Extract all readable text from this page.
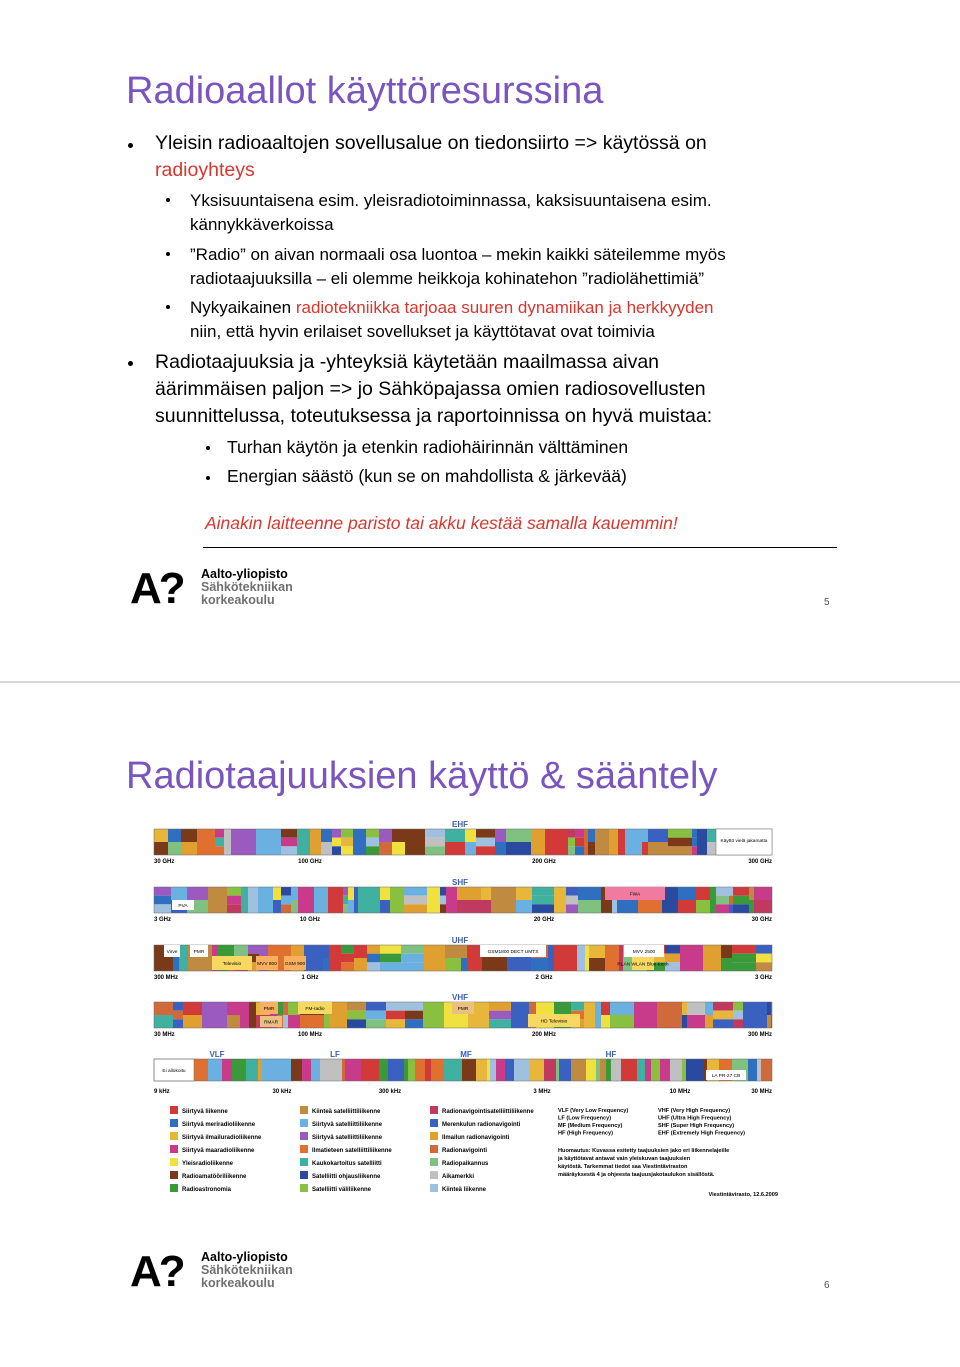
Radioaallot käyttöresurssina
Yleisin radioaaltojen sovellusalue on tiedonsiirto => käytössä on
radioyhteys
Yksisuuntaisena esim. yleisradiotoiminnassa, kaksisuuntaisena esim.
kännykkäverkoissa
”Radio” on aivan normaali osa luontoa – mekin kaikki säteilemme myös
radiotaajuuksilla – eli olemme heikkoja kohinatehon ”radiolähettimiä”
Nykyaikainen radiotekniikka tarjoaa suuren dynamiikan ja herkkyyden
niin, että hyvin erilaiset sovellukset ja käyttötavat ovat toimivia
Radiotaajuuksia ja -yhteyksiä käytetään maailmassa aivan
äärimmäisen paljon => jo Sähköpajassa omien radiosovellusten
suunnittelussa, toteutuksessa ja raportoinnissa on hyvä muistaa:
Turhan käytön ja etenkin radiohäirinnän välttäminen
Energian säästö (kun se on mahdollista & järkevää)
Ainakin laitteenne paristo tai akku kestää samalla kauemmin!
A? Aalto-yliopisto
Sähkötekniikan
korkeakoulu	5
Radiotaajuuksien käyttö & sääntely
EHF
30 GHz	100 GHz	200 GHz	300 GHz
SHF
3 GHz	10 GHz	20 GHz	30 GHz
UHF
300 MHz	1 GHz	2 GHz	3 GHz
VHF
30 MHz	100 MHz	200 MHz	300 MHz
Käyttö vielä jakamatta
FWA
PVA
Virve	PMR
Televisio	MVV 800 GSM 900
GSM1800 DECT UMTS	MVV 2500
RLAN WLAN Blue-tooth
PMR	FM-radio
RMAR
PMR
HD Televisio
VLF	LF	MF	HF
Ei allokoitu
LA PR-27 CB
9 kHz	30 kHz	300 kHz	3 MHz	10 MHz	30 MHz
Siirtyvä liikenne
Siirtyvä meriradioliikenne
Siirtyvä ilmailuradioliikenne
Siirtyvä maaradioliikenne
Yleisradioliikenne
Radioamatööriliikenne
Radioastronomia
Kiinteä satelliittiliikenne
Siirtyvä satelliittiliikenne
Siirtyvä satelliittiliikenne
Ilmatieteen satelliittiliikenne
Kaukokartoitus satelliitti
Satelliitti ohjausliikenne
Satelliitti väliliikenne
Radionavigointisatelliittiliikenne
Merenkulun radionavigointi
Ilmailun radionavigointi
Radionavigointi
Radiopaikannus
Aikamerkki
Kiinteä liikenne
VLF (Very Low Frequency)
LF (Low Frequency)
MF (Medium Frequency)
HF (High Frequency)
VHF (Very High Frequency)
UHF (Ultra High Frequency)
SHF (Super High Frequency)
EHF (Extremely High Frequency)
Huomautus: Kuvassa esitetty taajuuksien jako eri liikennelajeille
ja käyttötavat antavat vain yleiskuvan taajuuksien
käytöstä. Tarkemmat tiedot saa Viestintäviraston
määräyksestä 4 ja ohjeesta taajuusjakotaulukon sisällöstä.
Viestintävirasto, 12.6.2009
A? Aalto-yliopisto
Sähkötekniikan
korkeakoulu	6
